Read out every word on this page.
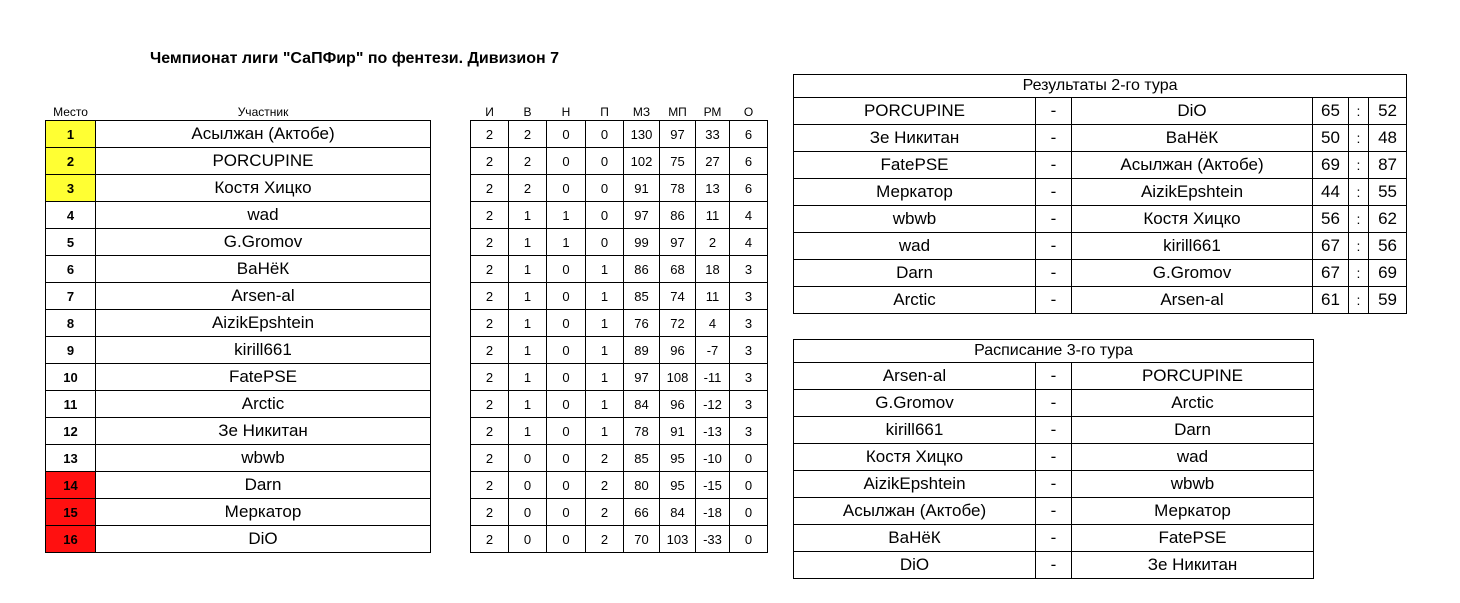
Чемпионат лиги "СаПФир" по фентези. Дивизион 7
Место	Участник		И	В	Н	П	МЗ	МП	РМ	О
1	Асылжан (Актобе)		2	2	0	0	130	97	33	6
2	PORCUPINE		2	2	0	0	102	75	27	6
3	Костя Хицко		2	2	0	0	91	78	13	6
4	wad		2	1	1	0	97	86	11	4
5	G.Gromov		2	1	1	0	99	97	2	4
6	ВаНёК		2	1	0	1	86	68	18	3
7	Arsen-al		2	1	0	1	85	74	11	3
8	AizikEpshtein		2	1	0	1	76	72	4	3
9	kirill661		2	1	0	1	89	96	-7	3
10	FatePSE		2	1	0	1	97	108	-11	3
11	Arctic		2	1	0	1	84	96	-12	3
12	Зе Никитан		2	1	0	1	78	91	-13	3
13	wbwb		2	0	0	2	85	95	-10	0
14	Darn		2	0	0	2	80	95	-15	0
15	Меркатор		2	0	0	2	66	84	-18	0
16	DiO		2	0	0	2	70	103	-33	0
Результаты 2-го тура					
PORCUPINE	-	DiO	65	:	52
Зе Никитан	-	ВаНёК	50	:	48
FatePSE	-	Асылжан (Актобе)	69	:	87
Меркатор	-	AizikEpshtein	44	:	55
wbwb	-	Костя Хицко	56	:	62
wad	-	kirill661	67	:	56
Darn	-	G.Gromov	67	:	69
Arctic	-	Arsen-al	61	:	59
Расписание 3-го тура		
Arsen-al	-	PORCUPINE
G.Gromov	-	Arctic
kirill661	-	Darn
Костя Хицко	-	wad
AizikEpshtein	-	wbwb
Асылжан (Актобе)	-	Меркатор
ВаНёК	-	FatePSE
DiO	-	Зе Никитан
